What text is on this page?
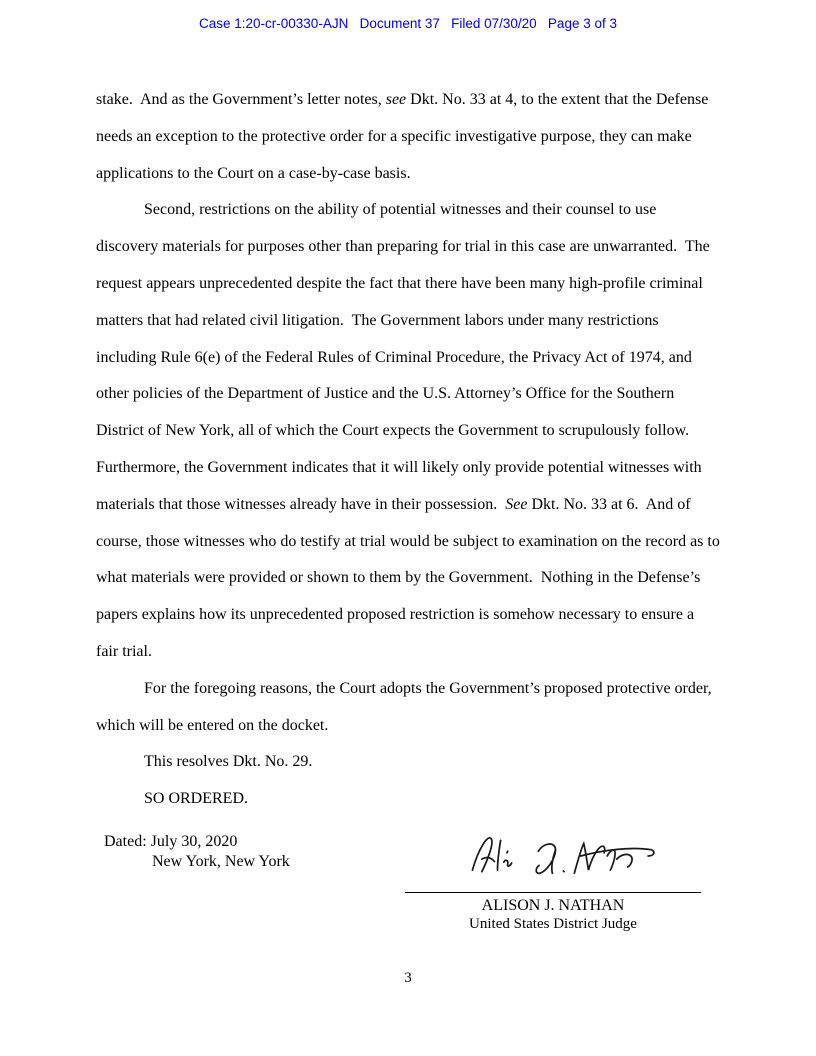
Case 1:20-cr-00330-AJN   Document 37   Filed 07/30/20   Page 3 of 3

stake.  And as the Government’s letter notes, see Dkt. No. 33 at 4, to the extent that the Defense needs an exception to the protective order for a specific investigative purpose, they can make applications to the Court on a case-by-case basis.

Second, restrictions on the ability of potential witnesses and their counsel to use discovery materials for purposes other than preparing for trial in this case are unwarranted.  The request appears unprecedented despite the fact that there have been many high-profile criminal matters that had related civil litigation.  The Government labors under many restrictions including Rule 6(e) of the Federal Rules of Criminal Procedure, the Privacy Act of 1974, and other policies of the Department of Justice and the U.S. Attorney’s Office for the Southern District of New York, all of which the Court expects the Government to scrupulously follow.  Furthermore, the Government indicates that it will likely only provide potential witnesses with materials that those witnesses already have in their possession.  See Dkt. No. 33 at 6.  And of course, those witnesses who do testify at trial would be subject to examination on the record as to what materials were provided or shown to them by the Government.  Nothing in the Defense’s papers explains how its unprecedented proposed restriction is somehow necessary to ensure a fair trial.

For the foregoing reasons, the Court adopts the Government’s proposed protective order, which will be entered on the docket.

This resolves Dkt. No. 29.

SO ORDERED.

Dated: July 30, 2020
New York, New York
ALISON J. NATHAN
United States District Judge
3
